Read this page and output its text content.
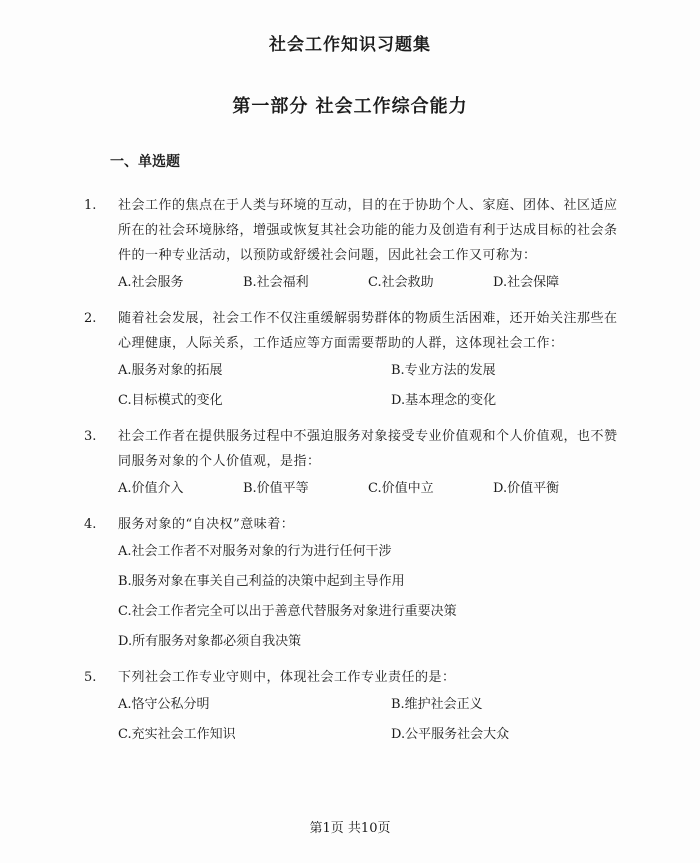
社会工作知识习题集
第一部分 社会工作综合能力
一、单选题
1. 社会工作的焦点在于人类与环境的互动，目的在于协助个人、家庭、团体、社区适应所在的社会环境脉络，增强或恢复其社会功能的能力及创造有利于达成目标的社会条件的一种专业活动，以预防或舒缓社会问题，因此社会工作又可称为：
A.社会服务	B.社会福利	C.社会救助	D.社会保障
2. 随着社会发展，社会工作不仅注重缓解弱势群体的物质生活困难，还开始关注那些在心理健康，人际关系，工作适应等方面需要帮助的人群，这体现社会工作：
A.服务对象的拓展	B.专业方法的发展
C.目标模式的变化	D.基本理念的变化
3. 社会工作者在提供服务过程中不强迫服务对象接受专业价值观和个人价值观，也不赞同服务对象的个人价值观，是指：
A.价值介入	B.价值平等	C.价值中立	D.价值平衡
4. 服务对象的“自决权”意味着：
A.社会工作者不对服务对象的行为进行任何干涉
B.服务对象在事关自己利益的决策中起到主导作用
C.社会工作者完全可以出于善意代替服务对象进行重要决策
D.所有服务对象都必须自我决策
5. 下列社会工作专业守则中，体现社会工作专业责任的是：
A.恪守公私分明	B.维护社会正义
C.充实社会工作知识	D.公平服务社会大众
第1页 共10页
